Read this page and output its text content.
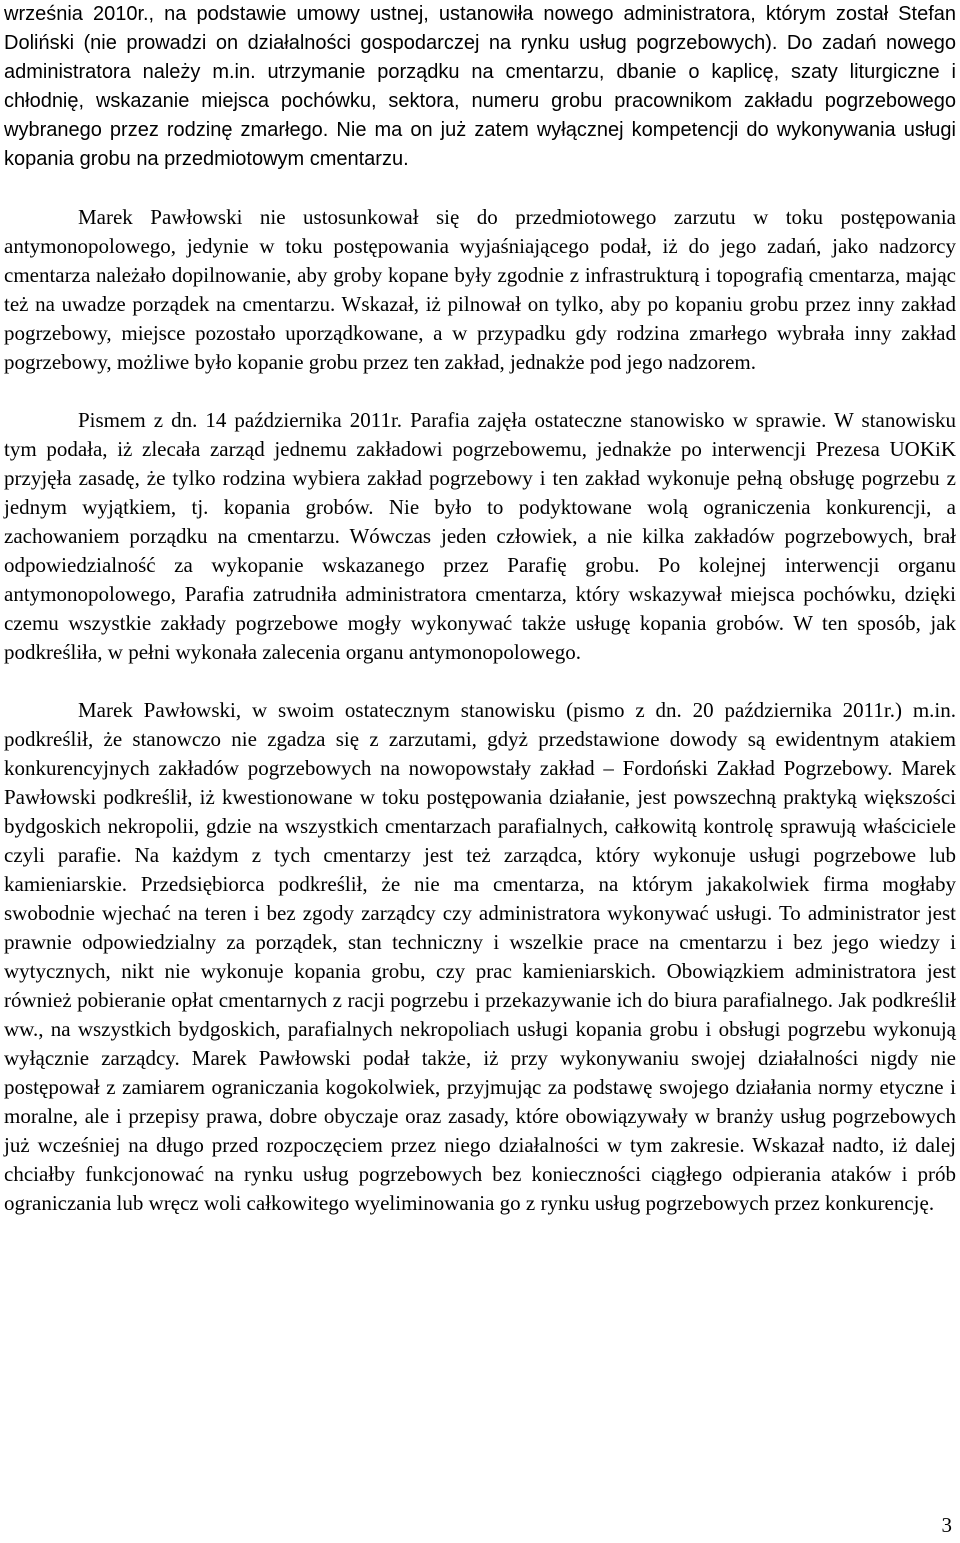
września 2010r., na podstawie umowy ustnej, ustanowiła nowego administratora, którym został Stefan Doliński (nie prowadzi on działalności gospodarczej na rynku usług pogrzebowych). Do zadań nowego administratora należy m.in. utrzymanie porządku na cmentarzu, dbanie o kaplicę, szaty liturgiczne i chłodnię, wskazanie miejsca pochówku, sektora, numeru grobu pracownikom zakładu pogrzebowego wybranego przez rodzinę zmarłego. Nie ma on już zatem wyłącznej kompetencji do wykonywania usługi kopania grobu na przedmiotowym cmentarzu.

Marek Pawłowski nie ustosunkował się do przedmiotowego zarzutu w toku postępowania antymonopolowego, jedynie w toku postępowania wyjaśniającego podał, iż do jego zadań, jako nadzorcy cmentarza należało dopilnowanie, aby groby kopane były zgodnie z infrastrukturą i topografią cmentarza, mając też na uwadze porządek na cmentarzu. Wskazał, iż pilnował on tylko, aby po kopaniu grobu przez inny zakład pogrzebowy, miejsce pozostało uporządkowane, a w przypadku gdy rodzina zmarłego wybrała inny zakład pogrzebowy, możliwe było kopanie grobu przez ten zakład, jednakże pod jego nadzorem.

Pismem z dn. 14 października 2011r. Parafia zajęła ostateczne stanowisko w sprawie. W stanowisku tym podała, iż zlecała zarząd jednemu zakładowi pogrzebowemu, jednakże po interwencji Prezesa UOKiK przyjęła zasadę, że tylko rodzina wybiera zakład pogrzebowy i ten zakład wykonuje pełną obsługę pogrzebu z jednym wyjątkiem, tj. kopania grobów. Nie było to podyktowane wolą ograniczenia konkurencji, a zachowaniem porządku na cmentarzu. Wówczas jeden człowiek, a nie kilka zakładów pogrzebowych, brał odpowiedzialność za wykopanie wskazanego przez Parafię grobu. Po kolejnej interwencji organu antymonopolowego, Parafia zatrudniła administratora cmentarza, który wskazywał miejsca pochówku, dzięki czemu wszystkie zakłady pogrzebowe mogły wykonywać także usługę kopania grobów. W ten sposób, jak podkreśliła, w pełni wykonała zalecenia organu antymonopolowego.

Marek Pawłowski, w swoim ostatecznym stanowisku (pismo z dn. 20 października 2011r.) m.in. podkreślił, że stanowczo nie zgadza się z zarzutami, gdyż przedstawione dowody są ewidentnym atakiem konkurencyjnych zakładów pogrzebowych na nowopowstały zakład – Fordoński Zakład Pogrzebowy. Marek Pawłowski podkreślił, iż kwestionowane w toku postępowania działanie, jest powszechną praktyką większości bydgoskich nekropolii, gdzie na wszystkich cmentarzach parafialnych, całkowitą kontrolę sprawują właściciele czyli parafie. Na każdym z tych cmentarzy jest też zarządca, który wykonuje usługi pogrzebowe lub kamieniarskie. Przedsiębiorca podkreślił, że nie ma cmentarza, na którym jakakolwiek firma mogłaby swobodnie wjechać na teren i bez zgody zarządcy czy administratora wykonywać usługi. To administrator jest prawnie odpowiedzialny za porządek, stan techniczny i wszelkie prace na cmentarzu i bez jego wiedzy i wytycznych, nikt nie wykonuje kopania grobu, czy prac kamieniarskich. Obowiązkiem administratora jest również pobieranie opłat cmentarnych z racji pogrzebu i przekazywanie ich do biura parafialnego. Jak podkreślił ww., na wszystkich bydgoskich, parafialnych nekropoliach usługi kopania grobu i obsługi pogrzebu wykonują wyłącznie zarządcy. Marek Pawłowski podał także, iż przy wykonywaniu swojej działalności nigdy nie postępował z zamiarem ograniczania kogokolwiek, przyjmując za podstawę swojego działania normy etyczne i moralne, ale i przepisy prawa, dobre obyczaje oraz zasady, które obowiązywały w branży usług pogrzebowych już wcześniej na długo przed rozpoczęciem przez niego działalności w tym zakresie. Wskazał nadto, iż dalej chciałby funkcjonować na rynku usług pogrzebowych bez konieczności ciągłego odpierania ataków i prób ograniczania lub wręcz woli całkowitego wyeliminowania go z rynku usług pogrzebowych przez konkurencję.

3
